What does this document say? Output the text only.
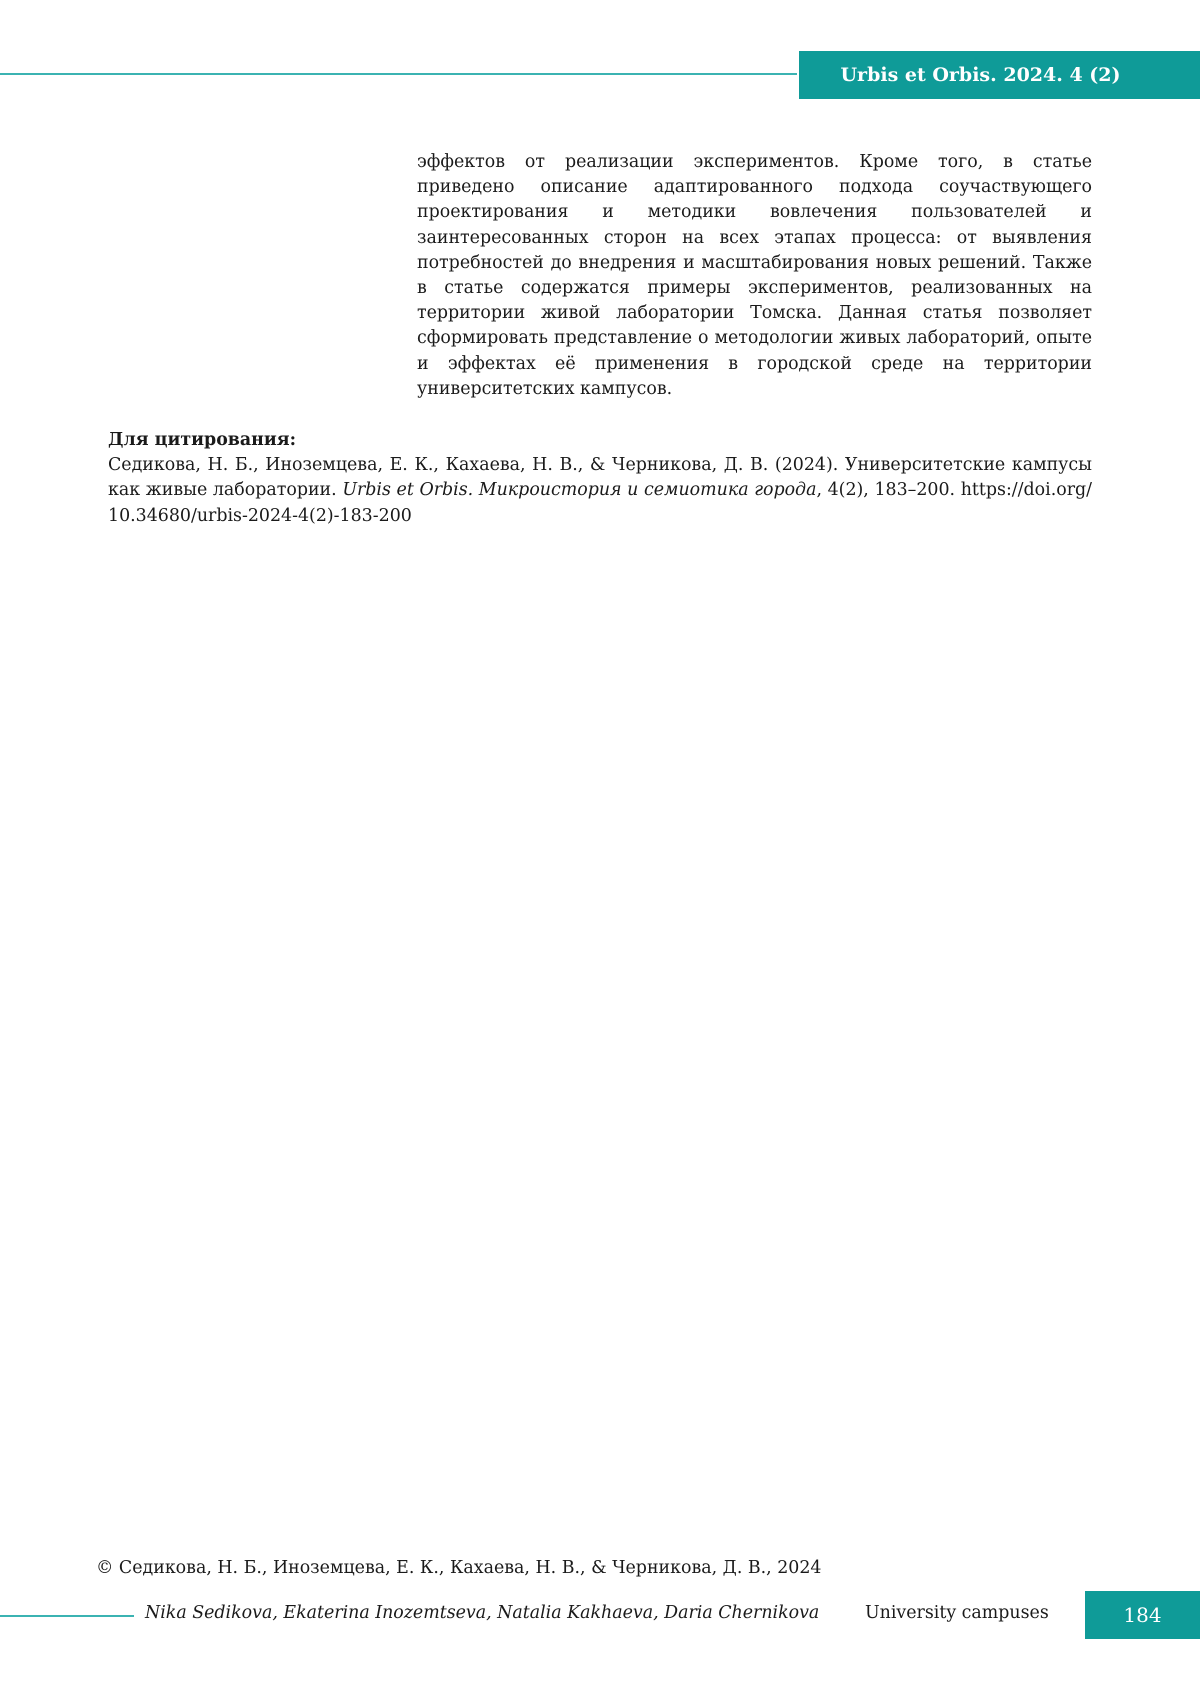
Urbis et Orbis. 2024. 4 (2)
эффектов от реализации экспериментов. Кроме того, в статье приведено описание адаптированного подхода соучаствующего проектирования и методики вовлечения пользователей и заинтересованных сторон на всех этапах процесса: от выявления потребностей до внедрения и масштабирования новых решений. Также в статье содержатся примеры экспериментов, реализованных на территории живой лаборатории Томска. Данная статья позволяет сформировать представление о методологии живых лабораторий, опыте и эффектах её применения в городской среде на территории университетских кампусов.
Для цитирования:
Седикова, Н. Б., Иноземцева, Е. К., Кахаева, Н. В., & Черникова, Д. В. (2024). Университетские кампусы как живые лаборатории. Urbis et Orbis. Микроистория и семиотика города, 4(2), 183–200. https://doi.org/10.34680/urbis-2024-4(2)-183-200
© Седикова, Н. Б., Иноземцева, Е. К., Кахаева, Н. В., & Черникова, Д. В., 2024
Nika Sedikova, Ekaterina Inozemtseva, Natalia Kakhaeva, Daria Chernikova	University campuses	184
